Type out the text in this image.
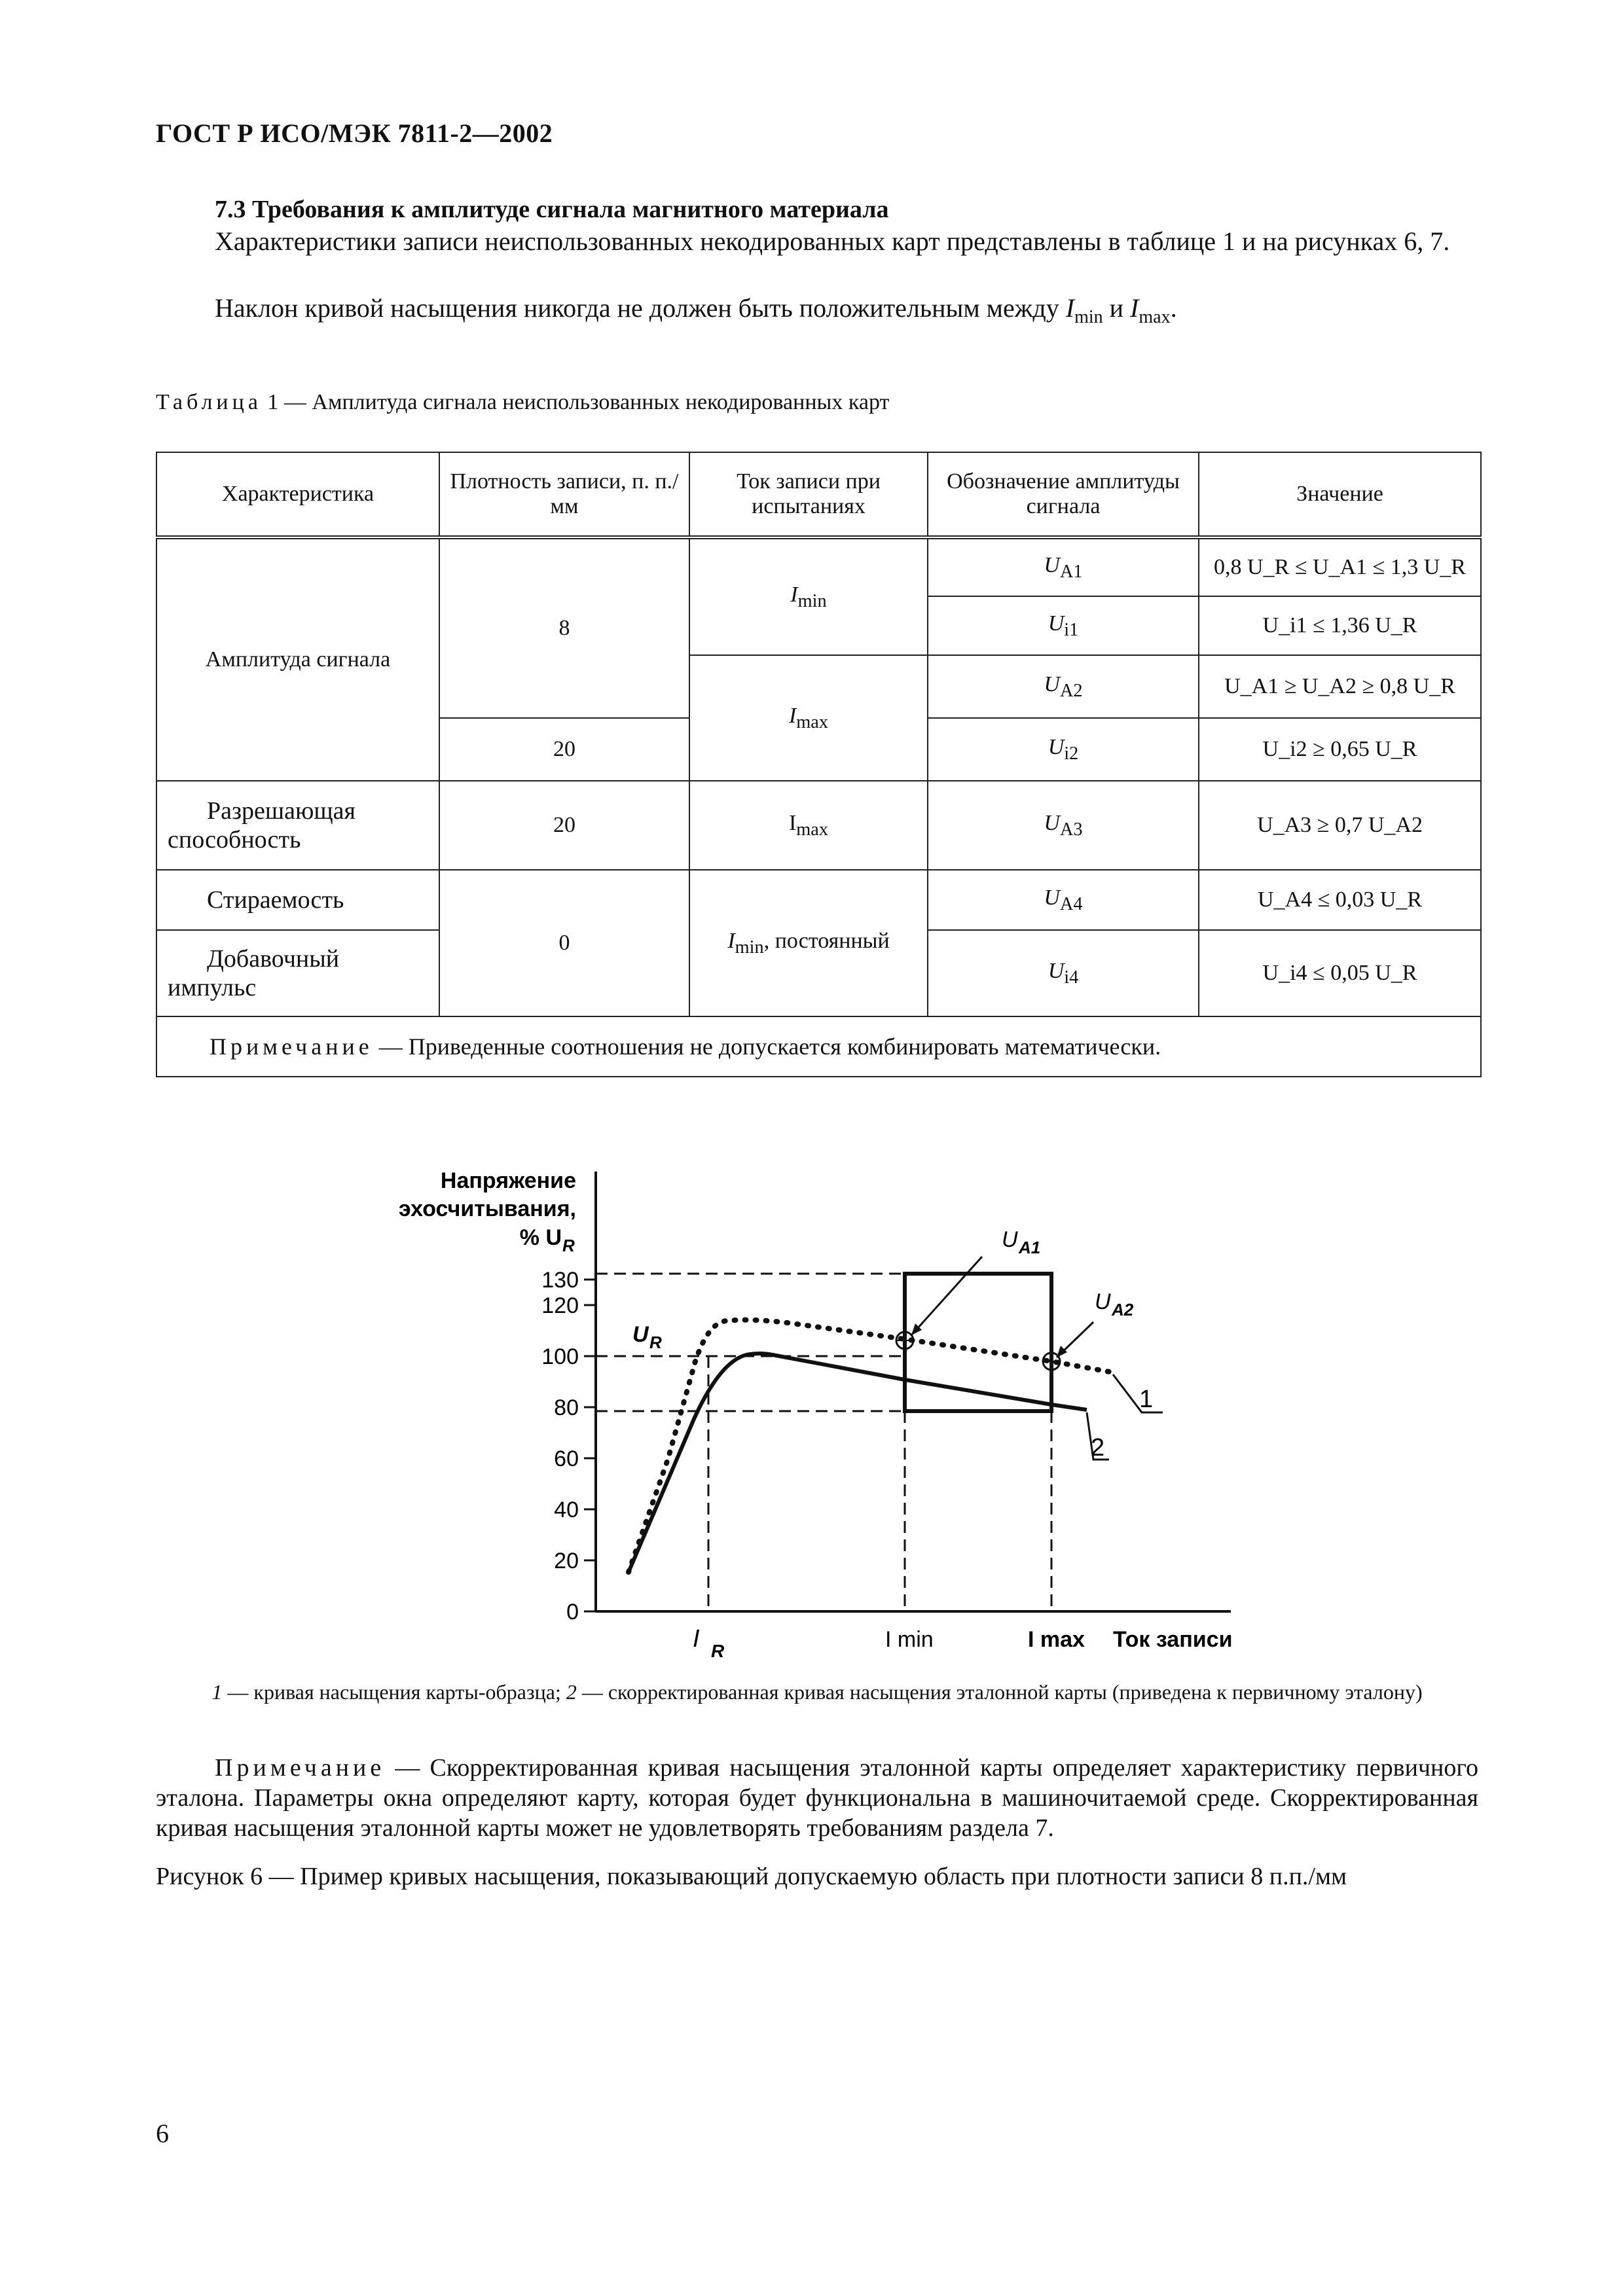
ГОСТ Р ИСО/МЭК 7811-2—2002
7.3 Требования к амплитуде сигнала магнитного материала
Характеристики записи неиспользованных некодированных карт представлены в таблице 1 и на рисунках 6, 7.
Наклон кривой насыщения никогда не должен быть положительным между $I_{min}$ и $I_{max}$.
Таблица 1 — Амплитуда сигнала неиспользованных некодированных карт
Характеристика	Плотность записи, п. п./мм	Ток записи при испытаниях	Обозначение амплитуды сигнала	Значение
Амплитуда сигнала	8	$I_{min}$	$U_{A1}$	0,8 U_R ≤ U_A1 ≤ 1,3 U_R
			$U_{i1}$	U_i1 ≤ 1,36 U_R
		$I_{max}$	$U_{A2}$	U_A1 ≥ U_A2 ≥ 0,8 U_R
	20		$U_{i2}$	U_i2 ≥ 0,65 U_R
Разрешающая способность	20	$I_{max}$	$U_{A3}$	U_A3 ≥ 0,7 U_A2
Стираемость	0	$I_{min}$, постоянный	$U_{A4}$	U_A4 ≤ 0,03 U_R
Добавочный импульс			$U_{i4}$	U_i4 ≤ 0,05 U_R
Примечание — Приведенные соотношения не допускается комбинировать математически.				
Напряжение
эхосчитывания,
% U R
0
20
40
60
80
100
120
130
U A1
U A2
U R
1
2
I R	I min	I max Ток записи
1 — кривая насыщения карты-образца; 2 — скорректированная кривая насыщения эталонной карты (приведена к первичному эталону)
Примечание — Скорректированная кривая насыщения эталонной карты определяет характеристику первичного эталона. Параметры окна определяют карту, которая будет функциональна в машиночитаемой среде. Скорректированная кривая насыщения эталонной карты может не удовлетворять требованиям раздела 7.
Рисунок 6 — Пример кривых насыщения, показывающий допускаемую область при плотности записи 8 п.п./мм
6
